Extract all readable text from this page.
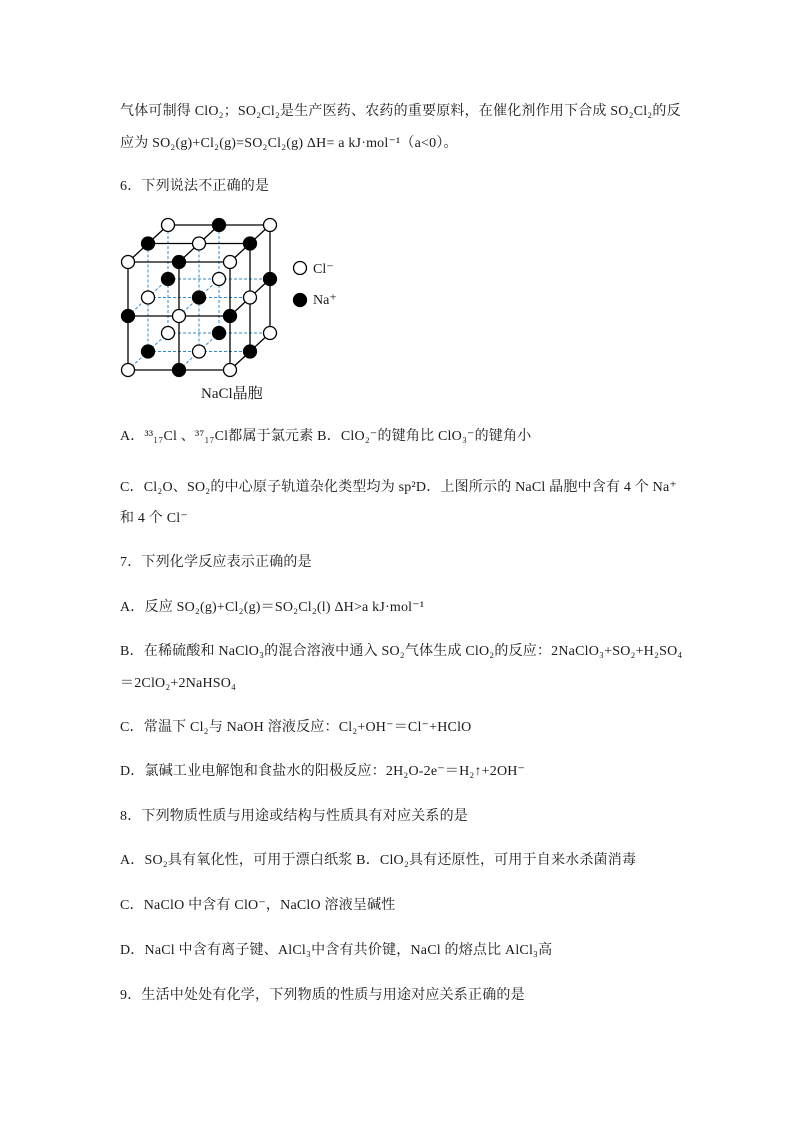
气体可制得 ClO₂；SO₂Cl₂是生产医药、农药的重要原料，在催化剂作用下合成 SO₂Cl₂的反
应为 SO₂(g)+Cl₂(g)=SO₂Cl₂(g) ΔH= a kJ·mol⁻¹（a<0）。
6．下列说法不正确的是
Cl⁻
Na⁺
NaCl晶胞
A．³³₁₇Cl 、³⁷₁₇Cl都属于氯元素 B．ClO₂⁻的键角比 ClO₃⁻的键角小
C．Cl₂O、SO₂的中心原子轨道杂化类型均为 sp²D．上图所示的 NaCl 晶胞中含有 4 个 Na⁺
和 4 个 Cl⁻
7．下列化学反应表示正确的是
A．反应 SO₂(g)+Cl₂(g)＝SO₂Cl₂(l) ΔH>a kJ·mol⁻¹
B．在稀硫酸和 NaClO₃的混合溶液中通入 SO₂气体生成 ClO₂的反应：2NaClO₃+SO₂+H₂SO₄
＝2ClO₂+2NaHSO₄
C．常温下 Cl₂与 NaOH 溶液反应：Cl₂+OH⁻＝Cl⁻+HClO
D．氯碱工业电解饱和食盐水的阳极反应：2H₂O-2e⁻＝H₂↑+2OH⁻
8．下列物质性质与用途或结构与性质具有对应关系的是
A．SO₂具有氧化性，可用于漂白纸浆 B．ClO₂具有还原性，可用于自来水杀菌消毒
C．NaClO 中含有 ClO⁻，NaClO 溶液呈碱性
D．NaCl 中含有离子键、AlCl₃中含有共价键，NaCl 的熔点比 AlCl₃高
9．生活中处处有化学，下列物质的性质与用途对应关系正确的是
